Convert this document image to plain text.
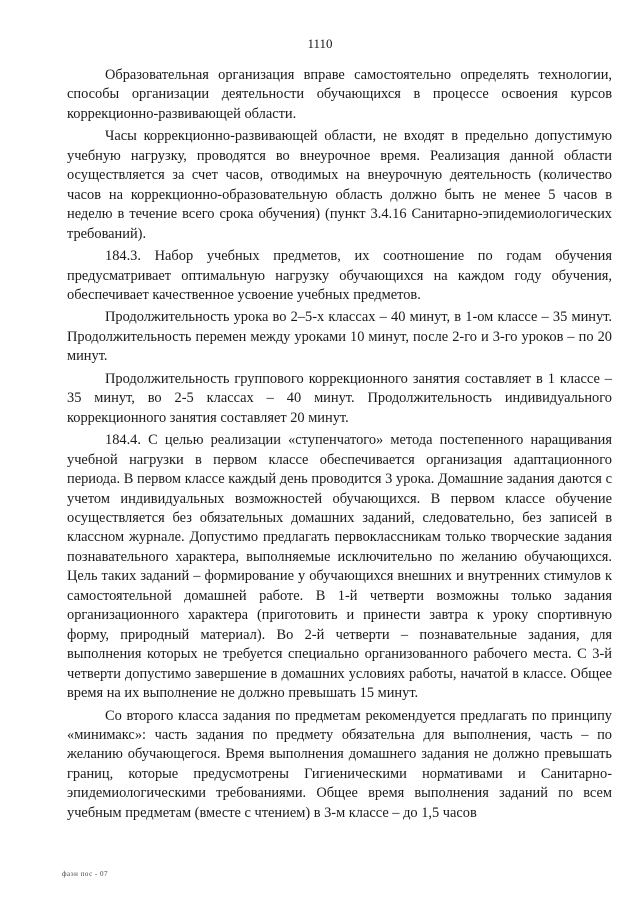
1110

Образовательная организация вправе самостоятельно определять технологии, способы организации деятельности обучающихся в процессе освоения курсов коррекционно-развивающей области.

Часы коррекционно-развивающей области, не входят в предельно допустимую учебную нагрузку, проводятся во внеурочное время. Реализация данной области осуществляется за счет часов, отводимых на внеурочную деятельность (количество часов на коррекционно-образовательную область должно быть не менее 5 часов в неделю в течение всего срока обучения) (пункт 3.4.16 Санитарно-эпидемиологических требований).

184.3. Набор учебных предметов, их соотношение по годам обучения предусматривает оптимальную нагрузку обучающихся на каждом году обучения, обеспечивает качественное усвоение учебных предметов.

Продолжительность урока во 2–5-х классах – 40 минут, в 1-ом классе – 35 минут. Продолжительность перемен между уроками 10 минут, после 2-го и 3-го уроков – по 20 минут.

Продолжительность группового коррекционного занятия составляет в 1 классе – 35 минут, во 2-5 классах – 40 минут. Продолжительность индивидуального коррекционного занятия составляет 20 минут.

184.4. С целью реализации «ступенчатого» метода постепенного наращивания учебной нагрузки в первом классе обеспечивается организация адаптационного периода. В первом классе каждый день проводится 3 урока. Домашние задания даются с учетом индивидуальных возможностей обучающихся. В первом классе обучение осуществляется без обязательных домашних заданий, следовательно, без записей в классном журнале. Допустимо предлагать первоклассникам только творческие задания познавательного характера, выполняемые исключительно по желанию обучающихся. Цель таких заданий – формирование у обучающихся внешних и внутренних стимулов к самостоятельной домашней работе. В 1-й четверти возможны только задания организационного характера (приготовить и принести завтра к уроку спортивную форму, природный материал). Во 2-й четверти – познавательные задания, для выполнения которых не требуется специально организованного рабочего места. С 3-й четверти допустимо завершение в домашних условиях работы, начатой в классе. Общее время на их выполнение не должно превышать 15 минут.

Со второго класса задания по предметам рекомендуется предлагать по принципу «минимакс»: часть задания по предмету обязательна для выполнения, часть – по желанию обучающегося. Время выполнения домашнего задания не должно превышать границ, которые предусмотрены Гигиеническими нормативами и Санитарно-эпидемиологическими требованиями. Общее время выполнения заданий по всем учебным предметам (вместе с чтением) в 3-м классе – до 1,5 часов

фаэн пос - 07
